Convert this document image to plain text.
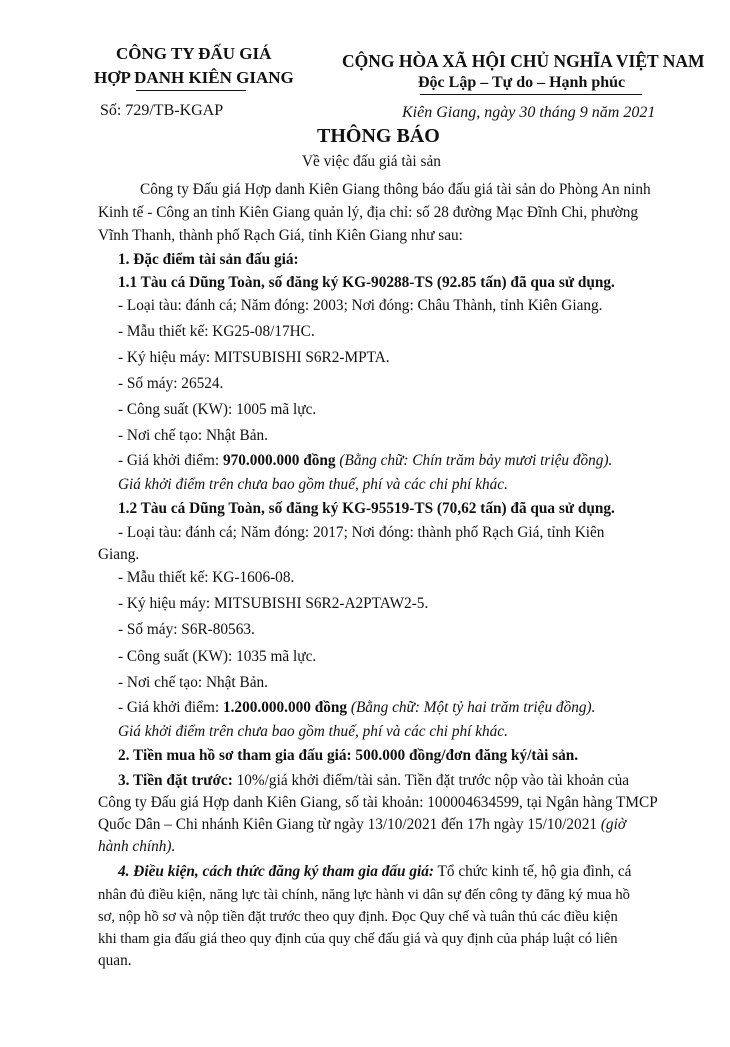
CÔNG TY ĐẤU GIÁ
HỢP DANH KIÊN GIANG
Số: 729/TB-KGAP
CỘNG HÒA XÃ HỘI CHỦ NGHĨA VIỆT NAM
Độc Lập – Tự do – Hạnh phúc
Kiên Giang, ngày 30 tháng 9 năm 2021
THÔNG BÁO
Về việc đấu giá tài sản
Công ty Đấu giá Hợp danh Kiên Giang thông báo đấu giá tài sản do Phòng An ninh
Kinh tế - Công an tỉnh Kiên Giang quản lý, địa chỉ: số 28 đường Mạc Đĩnh Chi, phường
Vĩnh Thanh, thành phố Rạch Giá, tỉnh Kiên Giang như sau:
1. Đặc điểm tài sản đấu giá:
1.1 Tàu cá Dũng Toàn, số đăng ký KG-90288-TS (92.85 tấn) đã qua sử dụng.
- Loại tàu: đánh cá; Năm đóng: 2003; Nơi đóng: Châu Thành, tỉnh Kiên Giang.
- Mẫu thiết kế: KG25-08/17HC.
- Ký hiệu máy: MITSUBISHI S6R2-MPTA.
- Số máy: 26524.
- Công suất (KW): 1005 mã lực.
- Nơi chế tạo: Nhật Bản.
- Giá khởi điểm: 970.000.000 đồng (Bằng chữ: Chín trăm bảy mươi triệu đồng).
Giá khởi điểm trên chưa bao gồm thuế, phí và các chi phí khác.
1.2 Tàu cá Dũng Toàn, số đăng ký KG-95519-TS (70,62 tấn) đã qua sử dụng.
- Loại tàu: đánh cá; Năm đóng: 2017; Nơi đóng: thành phố Rạch Giá, tỉnh Kiên
Giang.
- Mẫu thiết kế: KG-1606-08.
- Ký hiệu máy: MITSUBISHI S6R2-A2PTAW2-5.
- Số máy: S6R-80563.
- Công suất (KW): 1035 mã lực.
- Nơi chế tạo: Nhật Bản.
- Giá khởi điểm: 1.200.000.000 đồng (Bằng chữ: Một tỷ hai trăm triệu đồng).
Giá khởi điểm trên chưa bao gồm thuế, phí và các chi phí khác.
2. Tiền mua hồ sơ tham gia đấu giá: 500.000 đồng/đơn đăng ký/tài sản.
3. Tiền đặt trước: 10%/giá khởi điểm/tài sản. Tiền đặt trước nộp vào tài khoản của
Công ty Đấu giá Hợp danh Kiên Giang, số tài khoản: 100004634599, tại Ngân hàng TMCP
Quốc Dân – Chi nhánh Kiên Giang từ ngày 13/10/2021 đến 17h ngày 15/10/2021 (giờ
hành chính).
4. Điều kiện, cách thức đăng ký tham gia đấu giá: Tổ chức kinh tế, hộ gia đình, cá
nhân đủ điều kiện, năng lực tài chính, năng lực hành vi dân sự đến công ty đăng ký mua hồ
sơ, nộp hồ sơ và nộp tiền đặt trước theo quy định. Đọc Quy chế và tuân thủ các điều kiện
khi tham gia đấu giá theo quy định của quy chế đấu giá và quy định của pháp luật có liên
quan.
